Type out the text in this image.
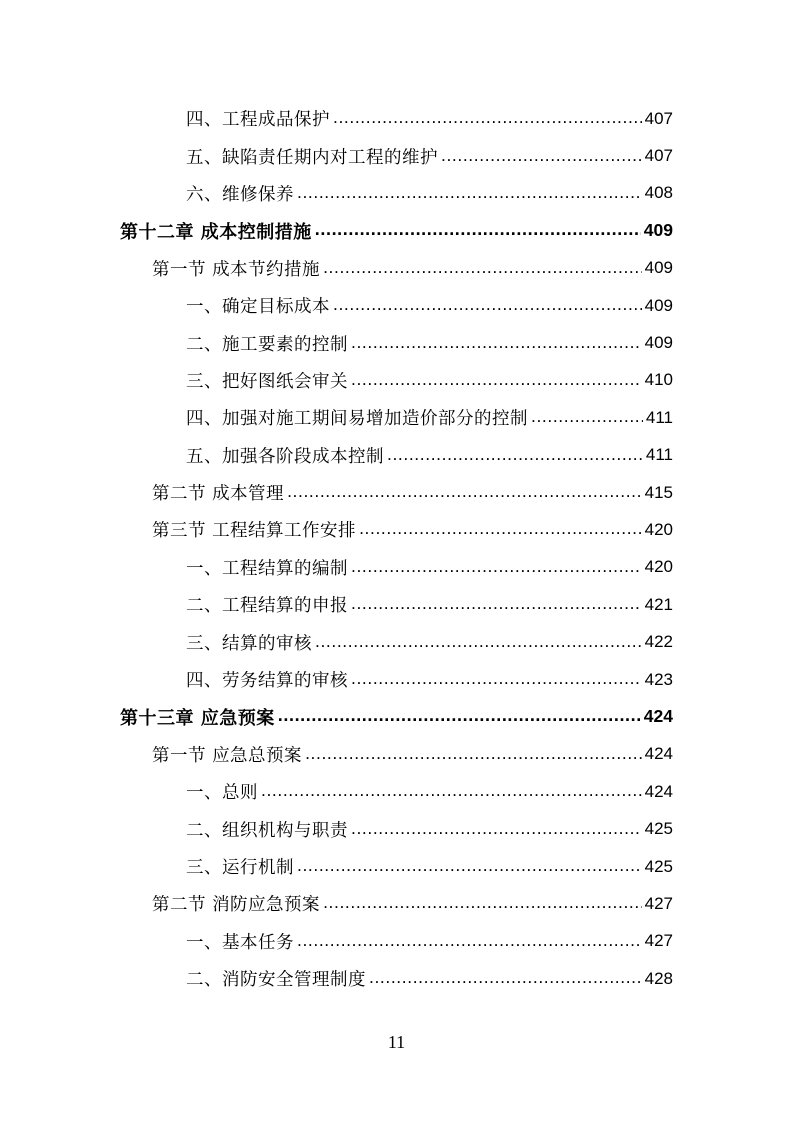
四、工程成品保护 .....	407
五、缺陷责任期内对工程的维护 .....	407
六、维修保养 .....	408
第十二章 成本控制措施 .....	409
第一节 成本节约措施 .....	409
一、确定目标成本 .....	409
二、施工要素的控制 .....	409
三、把好图纸会审关 .....	410
四、加强对施工期间易增加造价部分的控制 .....	411
五、加强各阶段成本控制 .....	411
第二节 成本管理 .....	415
第三节 工程结算工作安排 .....	420
一、工程结算的编制 .....	420
二、工程结算的申报 .....	421
三、结算的审核 .....	422
四、劳务结算的审核 .....	423
第十三章 应急预案 .....	424
第一节 应急总预案 .....	424
一、总则 .....	424
二、组织机构与职责 .....	425
三、运行机制 .....	425
第二节 消防应急预案 .....	427
一、基本任务 .....	427
二、消防安全管理制度 .....	428
11
